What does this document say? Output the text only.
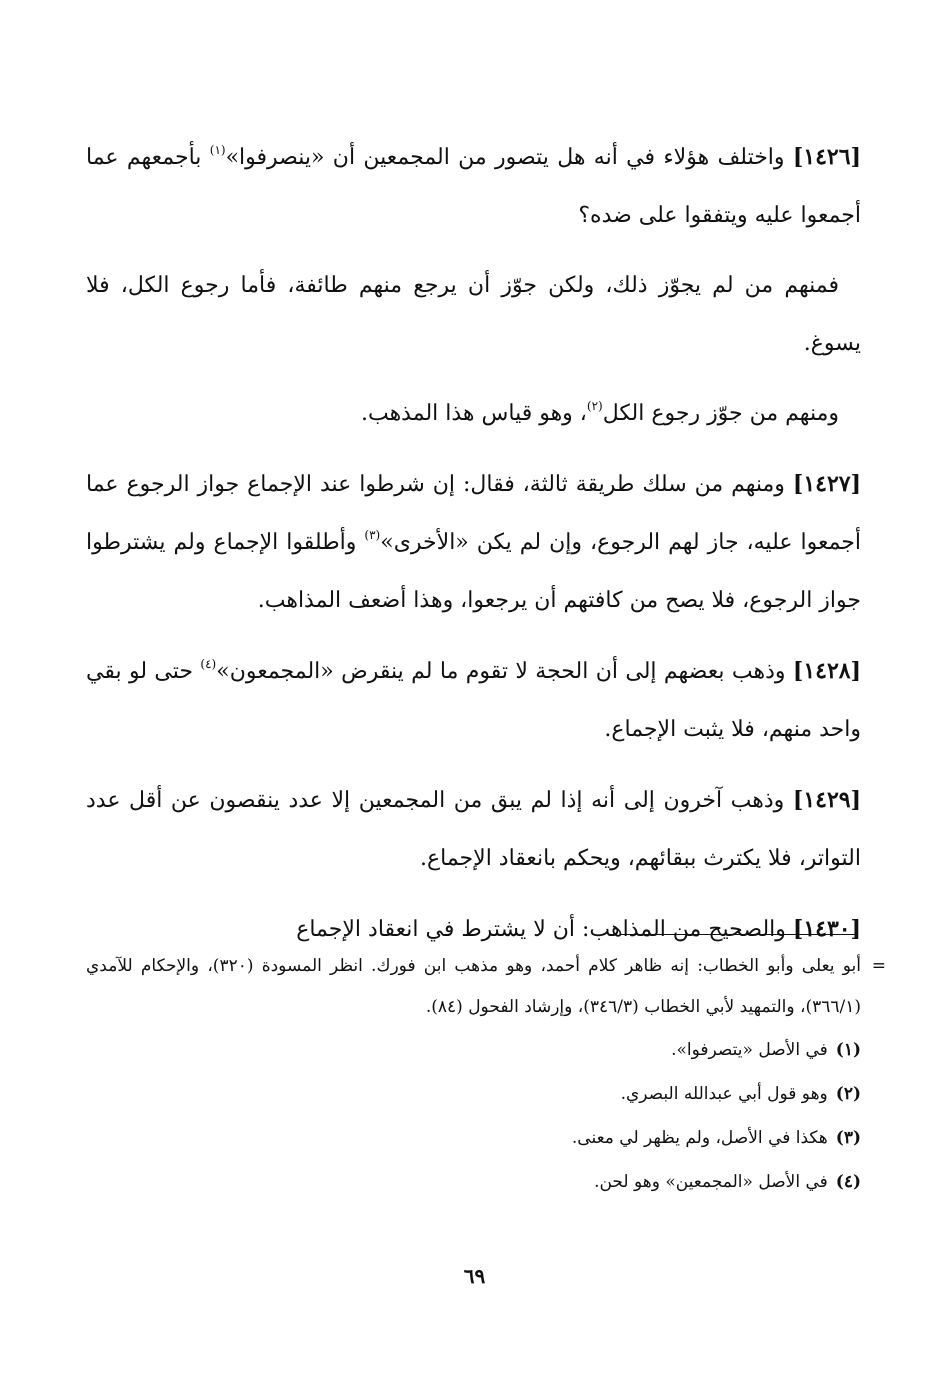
[١٤٢٦] واختلف هؤلاء في أنه هل يتصور من المجمعين أن «ينصرفوا»$^{(١)}$ بأجمعهم عما أجمعوا عليه ويتفقوا على ضده؟

فمنهم من لم يجوّز ذلك، ولكن جوّز أن يرجع منهم طائفة، فأما رجوع الكل، فلا يسوغ.

ومنهم من جوّز رجوع الكل$^{(٢)}$، وهو قياس هذا المذهب.

[١٤٢٧] ومنهم من سلك طريقة ثالثة، فقال: إن شرطوا عند الإجماع جواز الرجوع عما أجمعوا عليه، جاز لهم الرجوع، وإن لم يكن «الأخرى»$^{(٣)}$ وأطلقوا الإجماع ولم يشترطوا جواز الرجوع، فلا يصح من كافتهم أن يرجعوا، وهذا أضعف المذاهب.

[١٤٢٨] وذهب بعضهم إلى أن الحجة لا تقوم ما لم ينقرض «المجمعون»$^{(٤)}$ حتى لو بقي واحد منهم، فلا يثبت الإجماع.

[١٤٢٩] وذهب آخرون إلى أنه إذا لم يبق من المجمعين إلا عدد ينقصون عن أقل عدد التواتر، فلا يكترث ببقائهم، ويحكم بانعقاد الإجماع.

[١٤٣٠] والصحيح من المذاهب: أن لا يشترط في انعقاد الإجماع

=
أبو يعلى وأبو الخطاب: إنه ظاهر كلام أحمد، وهو مذهب ابن فورك. انظر المسودة (٣٢٠)، والإحكام للآمدي (٣٦٦/١)، والتمهيد لأبي الخطاب (٣٤٦/٣)، وإرشاد الفحول (٨٤).
(١)في الأصل «يتصرفوا».
(٢)وهو قول أبي عبدالله البصري.
(٣)هكذا في الأصل، ولم يظهر لي معنى.
(٤)في الأصل «المجمعين» وهو لحن.
٦٩
